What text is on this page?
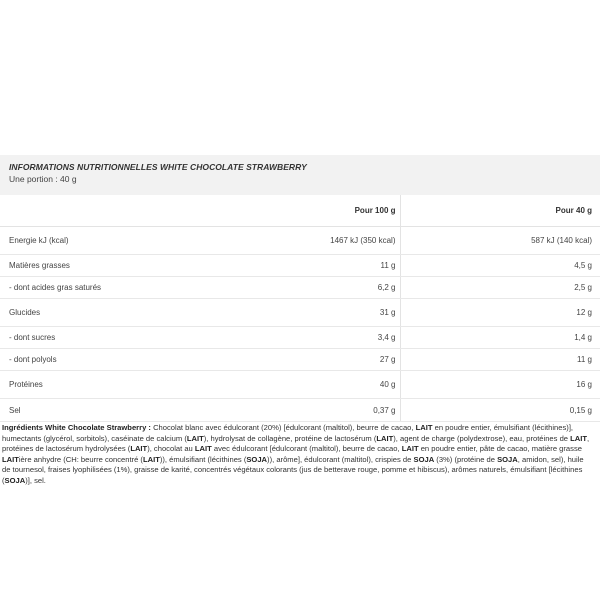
INFORMATIONS NUTRITIONNELLES WHITE CHOCOLATE STRAWBERRY
Une portion : 40 g
	Pour 100 g	Pour 40 g
Energie kJ (kcal)	1467 kJ (350 kcal)	587 kJ (140 kcal)
Matières grasses	11 g	4,5 g
- dont acides gras saturés	6,2 g	2,5 g
Glucides	31 g	12 g
- dont sucres	3,4 g	1,4 g
- dont polyols	27 g	11 g
Protéines	40 g	16 g
Sel	0,37 g	0,15 g

Ingrédients White Chocolate Strawberry : Chocolat blanc avec édulcorant (20%) [édulcorant (maltitol), beurre de cacao, LAIT en poudre entier, émulsifiant (lécithines)], humectants (glycérol, sorbitols), caséinate de calcium (LAIT), hydrolysat de collagène, protéine de lactosérum (LAIT), agent de charge (polydextrose), eau, protéines de LAIT, protéines de lactosérum hydrolysées (LAIT), chocolat au LAIT avec édulcorant [édulcorant (maltitol), beurre de cacao, LAIT en poudre entier, pâte de cacao, matière grasse LAITière anhydre (CH: beurre concentré (LAIT)), émulsifiant (lécithines (SOJA)), arôme], édulcorant (maltitol), crispies de SOJA (3%) (protéine de SOJA, amidon, sel), huile de tournesol, fraises lyophilisées (1%), graisse de karité, concentrés végétaux colorants (jus de betterave rouge, pomme et hibiscus), arômes naturels, émulsifiant [lécithines (SOJA)], sel.
